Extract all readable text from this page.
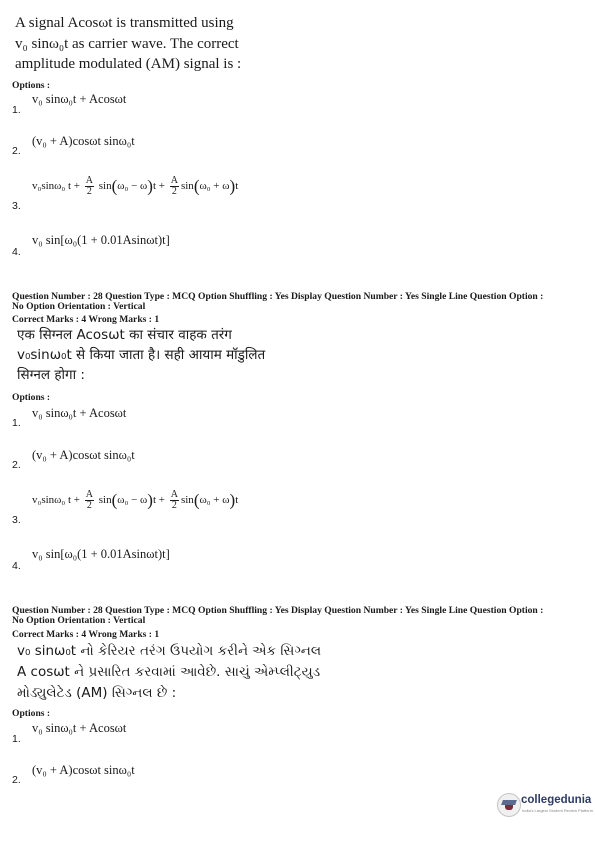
A signal Acosωt is transmitted using
v₀ sinω₀t as carrier wave. The correct
amplitude modulated (AM) signal is :
Options :
1.
v₀ sinω₀t + Acosωt
2.
(v₀ + A)cosωt sinω₀t
3.
v₀sinω₀ $t + \frac{A}{2} \sin(\omega_0 - \omega)t + \frac{A}{2} \sin(\omega_0 + \omega)t$
4.
v₀ sin[ω₀(1 + 0.01Asinωt)t]
Question Number : 28 Question Type : MCQ Option Shuffling : Yes Display Question Number : Yes Single Line Question Option :
No Option Orientation : Vertical
Correct Marks : 4 Wrong Marks : 1
एक सिग्नल Acosωt का संचार वाहक तरंग
v₀sinω₀t से किया जाता है। सही आयाम मॉडुलित
सिग्नल होगा :
Options :
1.
v₀ sinω₀t + Acosωt
2.
(v₀ + A)cosωt sinω₀t
3.
v₀sinω₀ $t + \frac{A}{2} \sin(\omega_0 - \omega)t + \frac{A}{2} \sin(\omega_0 + \omega)t$
4.
v₀ sin[ω₀(1 + 0.01Asinωt)t]
Question Number : 28 Question Type : MCQ Option Shuffling : Yes Display Question Number : Yes Single Line Question Option :
No Option Orientation : Vertical
Correct Marks : 4 Wrong Marks : 1
v₀ sinω₀t નો કેરિયર તરંગ ઉપયોગ કરીને એક સિગ્નલ
A cosωt ને પ્રસારિત કરવામાં આવેછે. સાચું એમ્પ્લીટ્યુડ
મોડ્યુલેટેડ (AM) સિગ્નલ છે :
Options :
1.
v₀ sinω₀t + Acosωt
2.
(v₀ + A)cosωt sinω₀t
collegedunia
India's Largest Student Review Platform
